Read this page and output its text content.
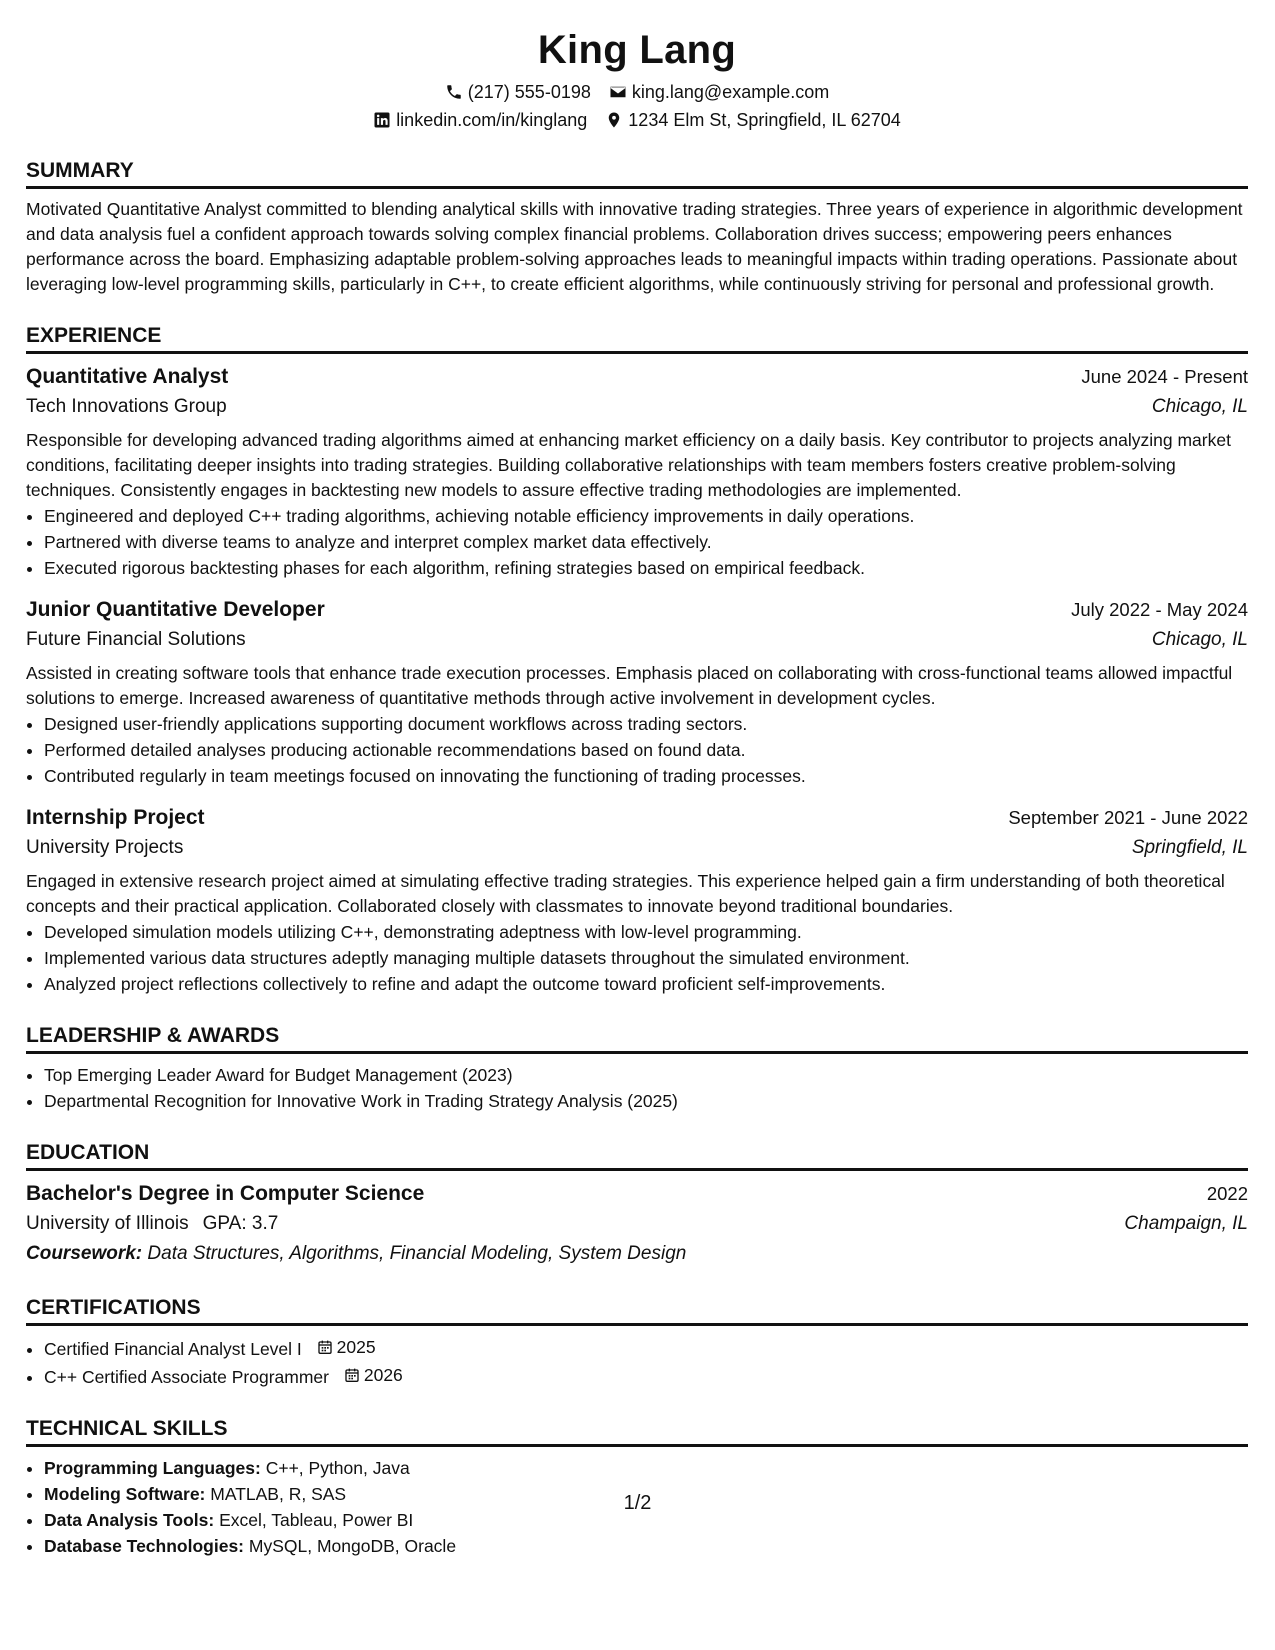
King Lang
(217) 555-0198 king.lang@example.com
linkedin.com/in/kinglang 1234 Elm St, Springfield, IL 62704
SUMMARY

Motivated Quantitative Analyst committed to blending analytical skills with innovative trading strategies. Three years of experience in algorithmic development and data analysis fuel a confident approach towards solving complex financial problems. Collaboration drives success; empowering peers enhances performance across the board. Emphasizing adaptable problem-solving approaches leads to meaningful impacts within trading operations. Passionate about leveraging low-level programming skills, particularly in C++, to create efficient algorithms, while continuously striving for personal and professional growth.

EXPERIENCE
Quantitative Analyst	June 2024 - Present
Tech Innovations Group	Chicago, IL

Responsible for developing advanced trading algorithms aimed at enhancing market efficiency on a daily basis. Key contributor to projects analyzing market conditions, facilitating deeper insights into trading strategies. Building collaborative relationships with team members fosters creative problem-solving techniques. Consistently engages in backtesting new models to assure effective trading methodologies are implemented.

• Engineered and deployed C++ trading algorithms, achieving notable efficiency improvements in daily operations.
• Partnered with diverse teams to analyze and interpret complex market data effectively.
• Executed rigorous backtesting phases for each algorithm, refining strategies based on empirical feedback.
Junior Quantitative Developer	July 2022 - May 2024
Future Financial Solutions	Chicago, IL

Assisted in creating software tools that enhance trade execution processes. Emphasis placed on collaborating with cross-functional teams allowed impactful solutions to emerge. Increased awareness of quantitative methods through active involvement in development cycles.

• Designed user-friendly applications supporting document workflows across trading sectors.
• Performed detailed analyses producing actionable recommendations based on found data.
• Contributed regularly in team meetings focused on innovating the functioning of trading processes.
Internship Project	September 2021 - June 2022
University Projects	Springfield, IL

Engaged in extensive research project aimed at simulating effective trading strategies. This experience helped gain a firm understanding of both theoretical concepts and their practical application. Collaborated closely with classmates to innovate beyond traditional boundaries.

• Developed simulation models utilizing C++, demonstrating adeptness with low-level programming.
• Implemented various data structures adeptly managing multiple datasets throughout the simulated environment.
• Analyzed project reflections collectively to refine and adapt the outcome toward proficient self-improvements.
LEADERSHIP & AWARDS
• Top Emerging Leader Award for Budget Management (2023)
• Departmental Recognition for Innovative Work in Trading Strategy Analysis (2025)
EDUCATION
Bachelor's Degree in Computer Science	2022
University of Illinois GPA: 3.7	Champaign, IL
Coursework: Data Structures, Algorithms, Financial Modeling, System Design
CERTIFICATIONS
• Certified Financial Analyst Level I 2025
• C++ Certified Associate Programmer 2026
TECHNICAL SKILLS
• Programming Languages: C++, Python, Java
• Modeling Software: MATLAB, R, SAS
• Data Analysis Tools: Excel, Tableau, Power BI
• Database Technologies: MySQL, MongoDB, Oracle
1/2
